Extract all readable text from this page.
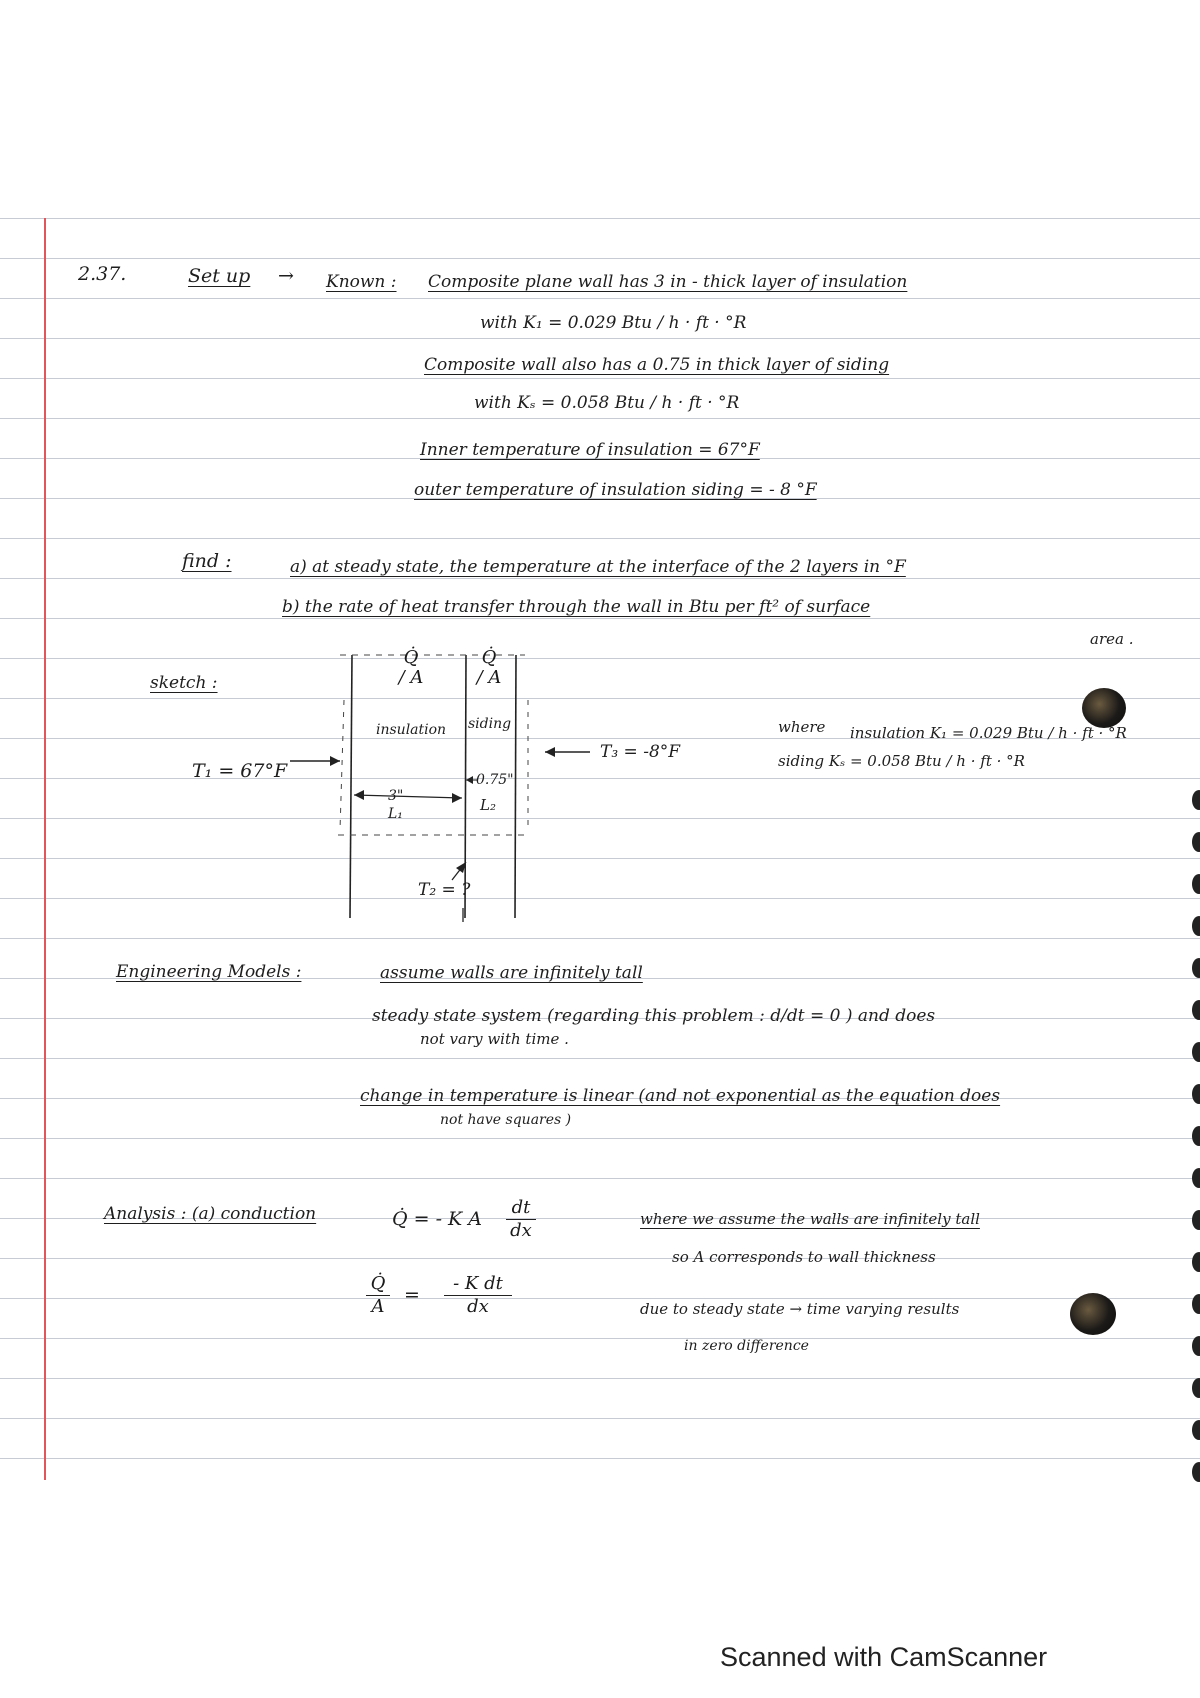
2.37.	Set up → Known : Composite plane wall has 3 in - thick layer of insulation
with K₁ = 0.029 Btu / h · ft · °R
Composite wall also has a 0.75 in thick layer of siding
with Kₛ = 0.058 Btu / h · ft · °R
Inner temperature of insulation = 67°F
outer temperature of insulation siding = - 8 °F
find :	a) at steady state, the temperature at the interface of the 2 layers in °F
b) the rate of heat transfer through the wall in Btu per ft² of surface
area .
sketch :
Q̇ / A
Q̇ / A
insulation siding
T₁ = 67°F
T₃ = -8°F
3"
L₁
0.75"
L₂
T₂ = ?
where insulation K₁ = 0.029 Btu / h · ft · °R
siding Kₛ = 0.058 Btu / h · ft · °R
Engineering Models :	assume walls are infinitely tall
steady state system (regarding this problem : d/dt = 0 ) and does
not vary with time .
change in temperature is linear (and not exponential as the equation does
not have squares )
Analysis : (a) conduction	Q̇ = - K A
dt
dx
Q̇
A
=
- K dt
dx
where we assume the walls are infinitely tall
so A corresponds to wall thickness
due to steady state → time varying results
in zero difference
Scanned with CamScanner
